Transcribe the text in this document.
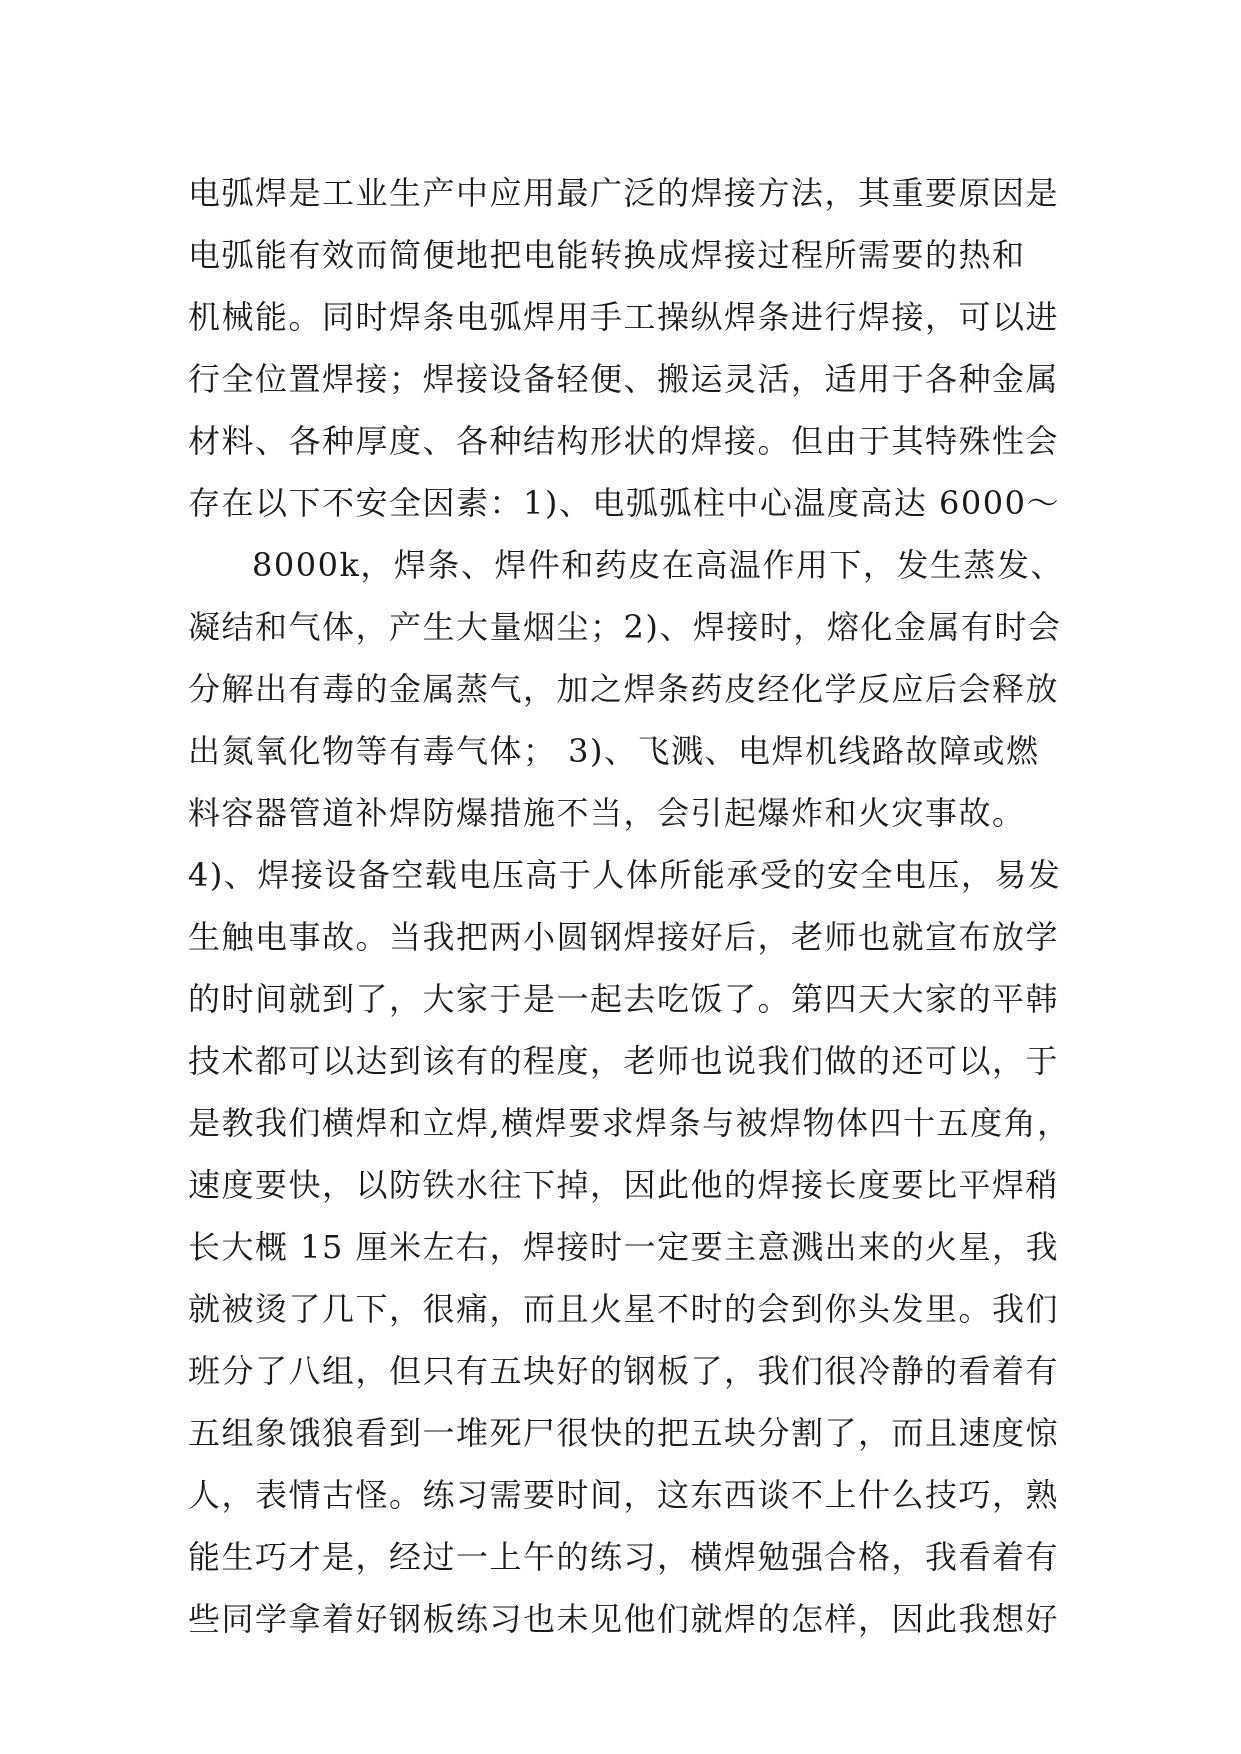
电弧焊是工业生产中应用最广泛的焊接方法，其重要原因是
电弧能有效而简便地把电能转换成焊接过程所需要的热和
机械能。同时焊条电弧焊用手工操纵焊条进行焊接，可以进
行全位置焊接；焊接设备轻便、搬运灵活，适用于各种金属
材料、各种厚度、各种结构形状的焊接。但由于其特殊性会
存在以下不安全因素：1)、电弧弧柱中心温度高达 6000～
8000k，焊条、焊件和药皮在高温作用下，发生蒸发、
凝结和气体，产生大量烟尘；2)、焊接时，熔化金属有时会
分解出有毒的金属蒸气，加之焊条药皮经化学反应后会释放
出氮氧化物等有毒气体； 3)、飞溅、电焊机线路故障或燃
料容器管道补焊防爆措施不当，会引起爆炸和火灾事故。
4)、焊接设备空载电压高于人体所能承受的安全电压，易发
生触电事故。当我把两小圆钢焊接好后，老师也就宣布放学
的时间就到了，大家于是一起去吃饭了。第四天大家的平韩
技术都可以达到该有的程度，老师也说我们做的还可以，于
是教我们横焊和立焊,横焊要求焊条与被焊物体四十五度角，
速度要快，以防铁水往下掉，因此他的焊接长度要比平焊稍
长大概 15 厘米左右，焊接时一定要主意溅出来的火星，我
就被烫了几下，很痛，而且火星不时的会到你头发里。我们
班分了八组，但只有五块好的钢板了，我们很冷静的看着有
五组象饿狼看到一堆死尸很快的把五块分割了，而且速度惊
人，表情古怪。练习需要时间，这东西谈不上什么技巧，熟
能生巧才是，经过一上午的练习，横焊勉强合格，我看着有
些同学拿着好钢板练习也未见他们就焊的怎样，因此我想好
